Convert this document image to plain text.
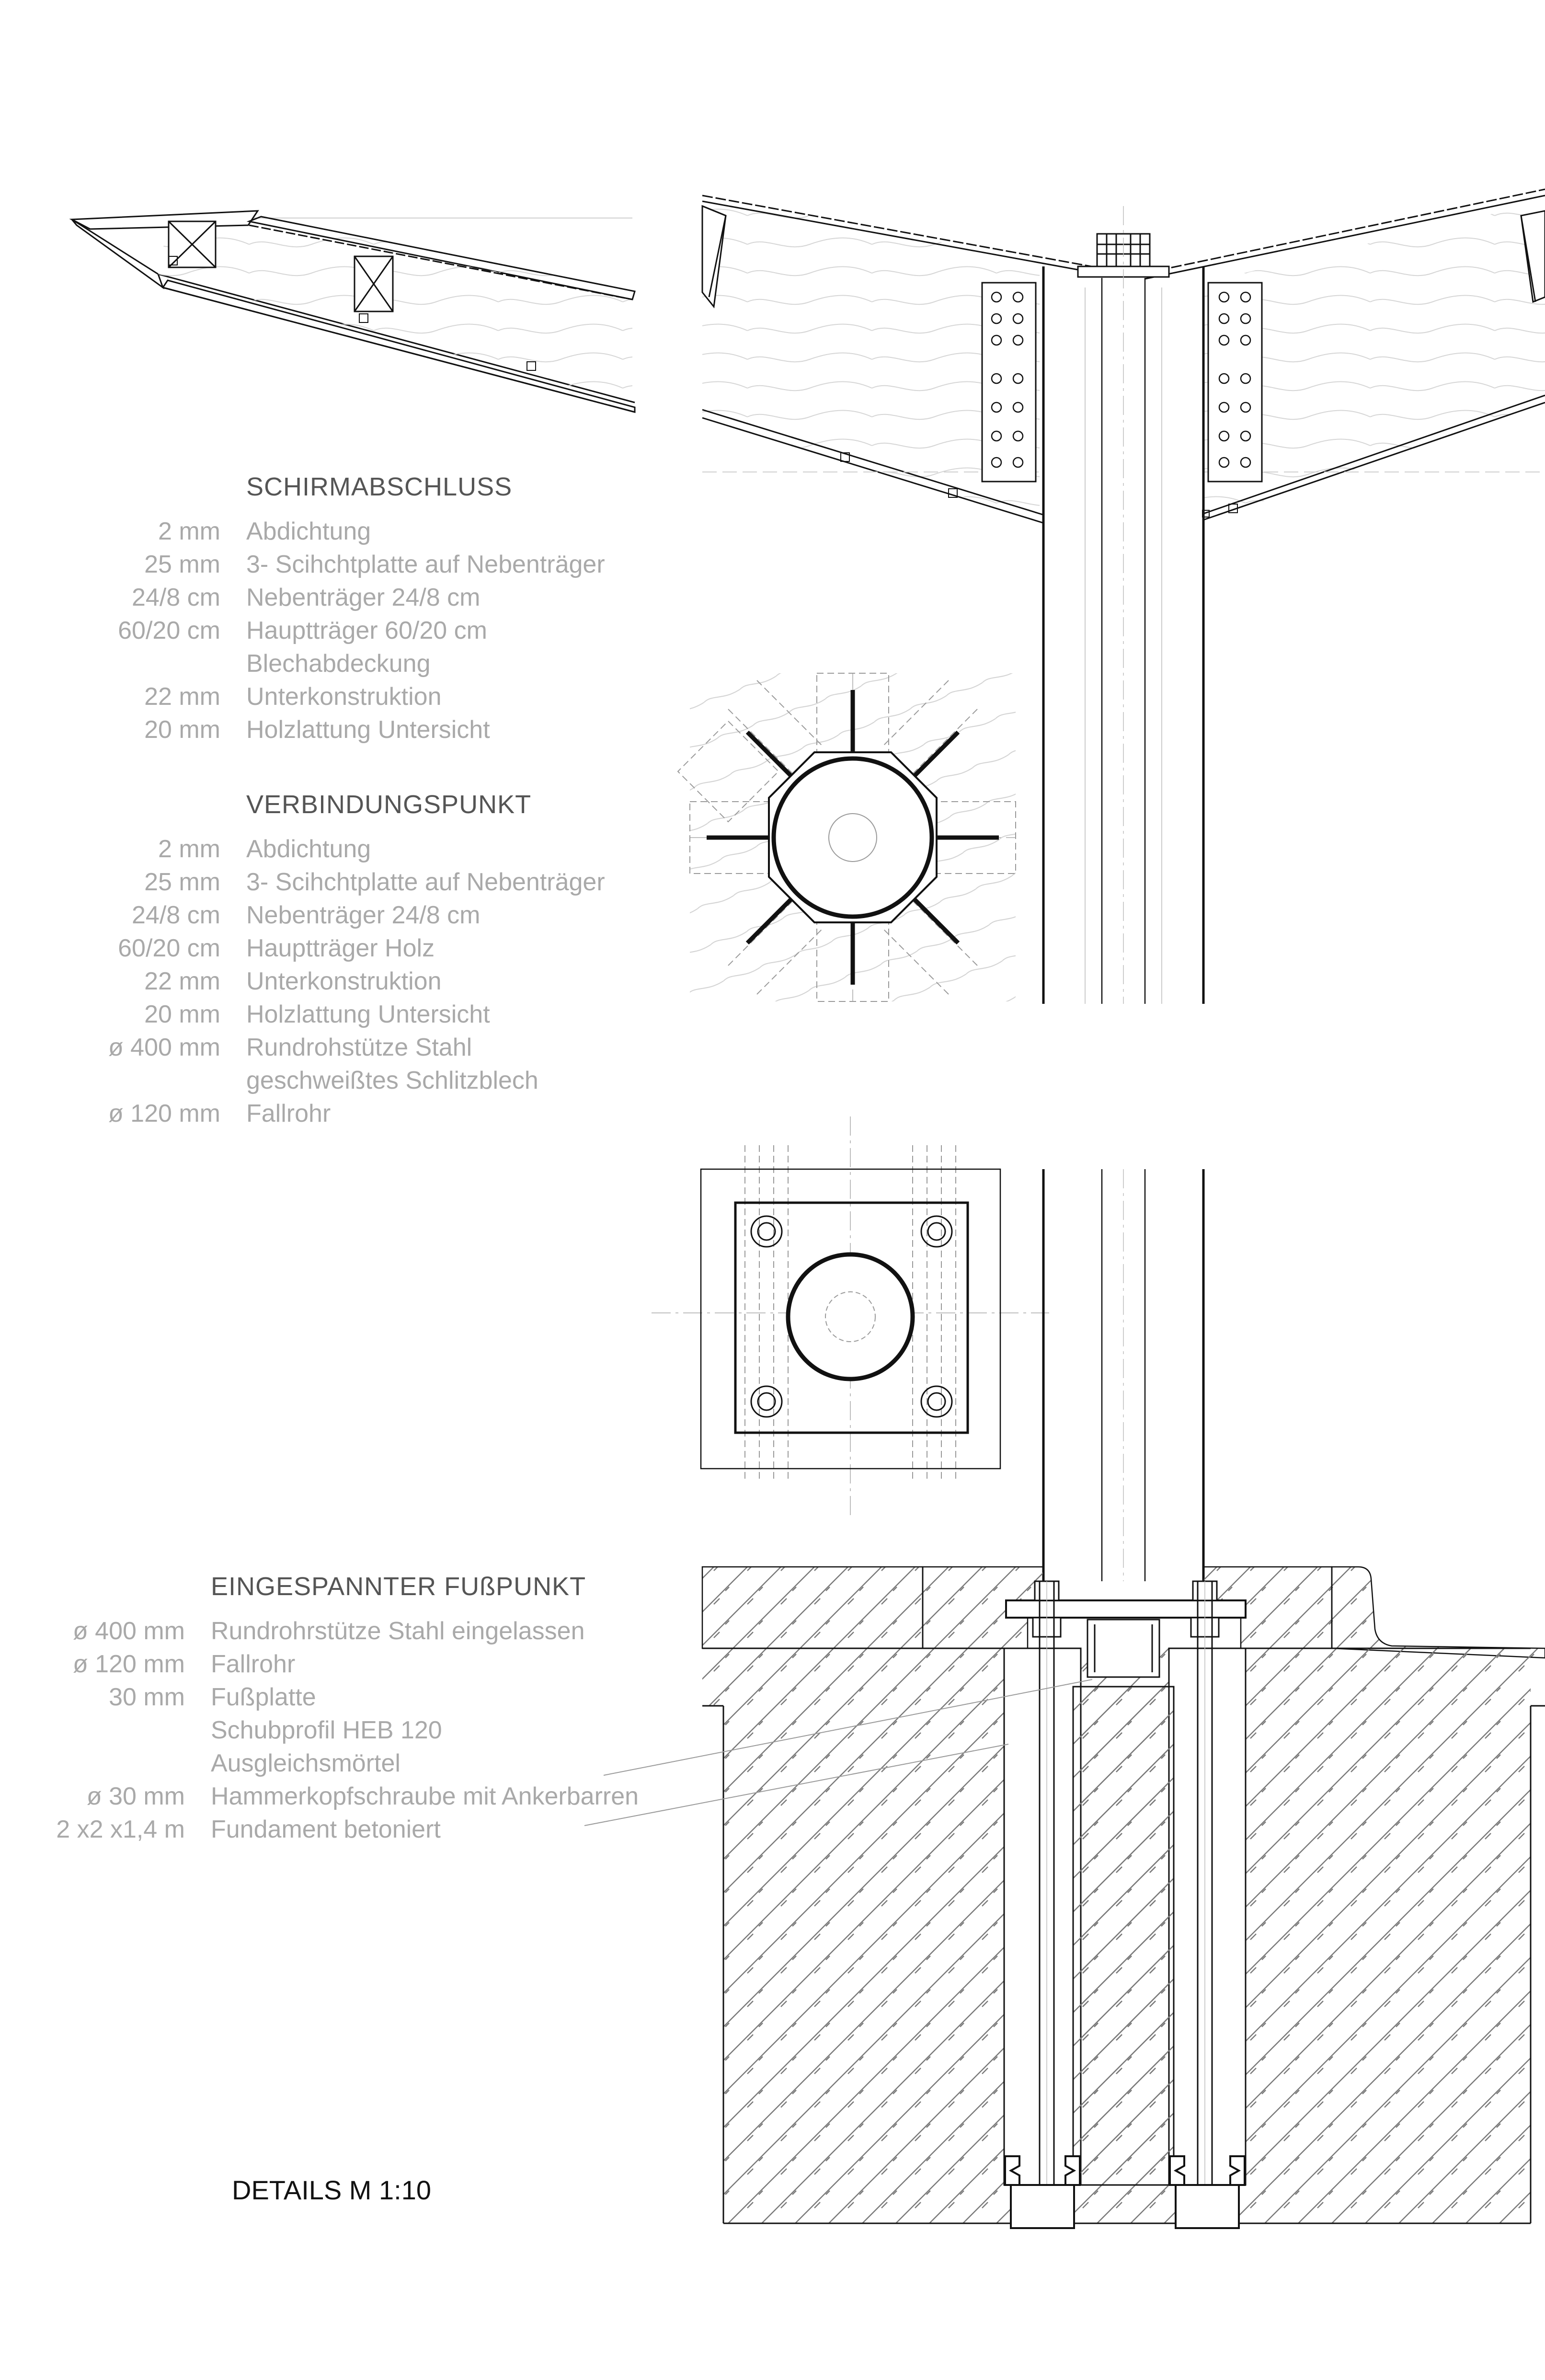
SCHIRMABSCHLUSS
2 mm	Abdichtung
25 mm	3- Scihchtplatte auf Nebenträger
24/8 cm	Nebenträger 24/8 cm
60/20 cm	Hauptträger 60/20 cm
Blechabdeckung
22 mm	Unterkonstruktion
20 mm	Holzlattung Untersicht
VERBINDUNGSPUNKT
2 mm	Abdichtung
25 mm	3- Scihchtplatte auf Nebenträger
24/8 cm	Nebenträger 24/8 cm
60/20 cm	Hauptträger Holz
22 mm	Unterkonstruktion
20 mm	Holzlattung Untersicht
ø 400 mm	Rundrohstütze Stahl
geschweißtes Schlitzblech
ø 120 mm	Fallrohr
EINGESPANNTER FUßPUNKT
ø 400 mm	Rundrohrstütze Stahl eingelassen
ø 120 mm	Fallrohr
30 mm	Fußplatte
Schubprofil HEB 120
Ausgleichsmörtel
ø 30 mm	Hammerkopfschraube mit Ankerbarren
2 x2 x1,4 m	Fundament betoniert
DETAILS M 1:10
